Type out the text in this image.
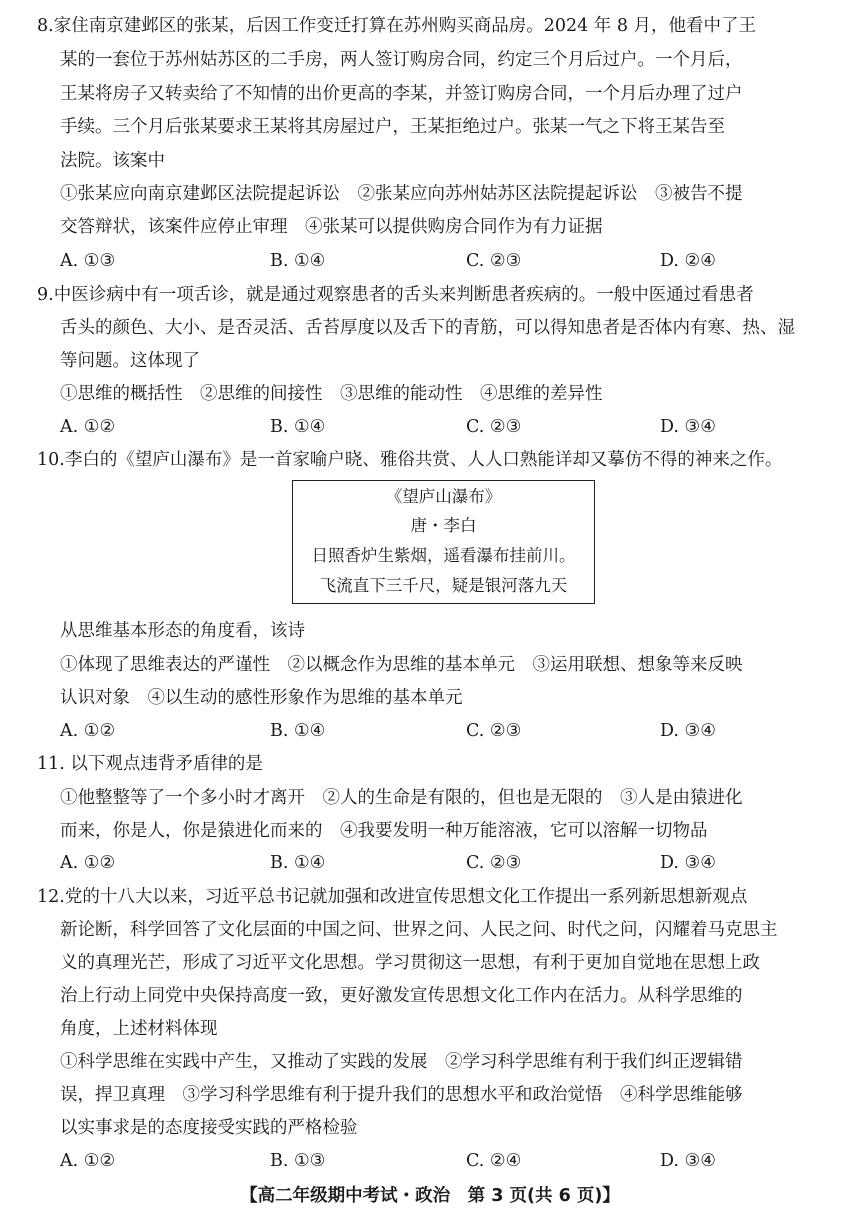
8.家住南京建邺区的张某，后因工作变迁打算在苏州购买商品房。2024 年 8 月，他看中了王
某的一套位于苏州姑苏区的二手房，两人签订购房合同，约定三个月后过户。一个月后，
王某将房子又转卖给了不知情的出价更高的李某，并签订购房合同，一个月后办理了过户
手续。三个月后张某要求王某将其房屋过户，王某拒绝过户。张某一气之下将王某告至
法院。该案中
①张某应向南京建邺区法院提起诉讼　②张某应向苏州姑苏区法院提起诉讼　③被告不提
交答辩状，该案件应停止审理　④张某可以提供购房合同作为有力证据
A. ①③	B. ①④	C. ②③	D. ②④
9.中医诊病中有一项舌诊，就是通过观察患者的舌头来判断患者疾病的。一般中医通过看患者
舌头的颜色、大小、是否灵活、舌苔厚度以及舌下的青筋，可以得知患者是否体内有寒、热、湿
等问题。这体现了
①思维的概括性　②思维的间接性　③思维的能动性　④思维的差异性
A. ①②	B. ①④	C. ②③	D. ③④
10.李白的《望庐山瀑布》是一首家喻户晓、雅俗共赏、人人口熟能详却又摹仿不得的神来之作。
《望庐山瀑布》
唐・李白
日照香炉生紫烟，遥看瀑布挂前川。
飞流直下三千尺，疑是银河落九天
从思维基本形态的角度看，该诗
①体现了思维表达的严谨性　②以概念作为思维的基本单元　③运用联想、想象等来反映
认识对象　④以生动的感性形象作为思维的基本单元
A. ①②	B. ①④	C. ②③	D. ③④
11. 以下观点违背矛盾律的是
①他整整等了一个多小时才离开　②人的生命是有限的，但也是无限的　③人是由猿进化
而来，你是人，你是猿进化而来的　④我要发明一种万能溶液，它可以溶解一切物品
A. ①②	B. ①④	C. ②③	D. ③④
12.党的十八大以来，习近平总书记就加强和改进宣传思想文化工作提出一系列新思想新观点
新论断，科学回答了文化层面的中国之问、世界之问、人民之问、时代之问，闪耀着马克思主
义的真理光芒，形成了习近平文化思想。学习贯彻这一思想，有利于更加自觉地在思想上政
治上行动上同党中央保持高度一致，更好激发宣传思想文化工作内在活力。从科学思维的
角度，上述材料体现
①科学思维在实践中产生，又推动了实践的发展　②学习科学思维有利于我们纠正逻辑错
误，捍卫真理　③学习科学思维有利于提升我们的思想水平和政治觉悟　④科学思维能够
以实事求是的态度接受实践的严格检验
A. ①②	B. ①③	C. ②④	D. ③④
【高二年级期中考试・政治　第 3 页(共 6 页)】
